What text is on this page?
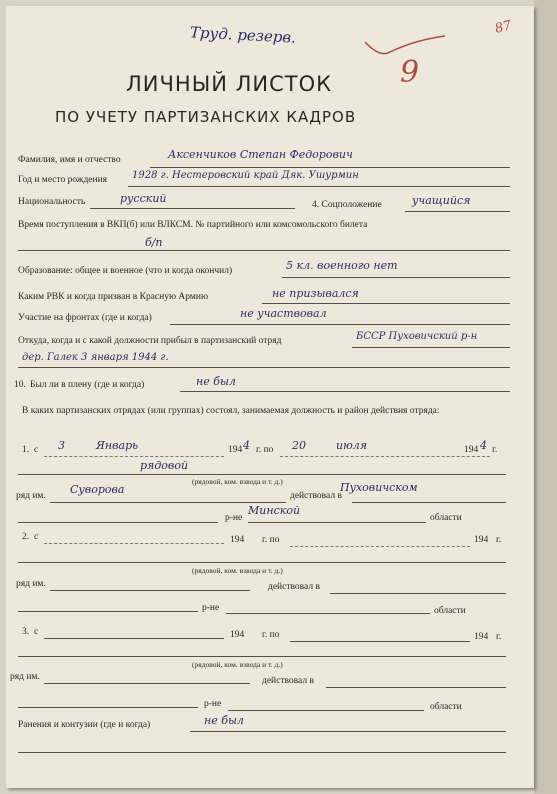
Труд. резерв.	87
ЛИЧНЫЙ ЛИСТОК 9
ПО УЧЕТУ ПАРТИЗАНСКИХ КАДРОВ
Фамилия, имя и отчество	Аксенчиков Степан Федорович
Год и место рождения 1928 г. Нестеровский край Дяк. Ушурмин
Национальность	русский	4. Соцположение	учащийся
Время поступления в ВКП(б) или ВЛКСМ. № партийного или комсомольского билета
б/п
Образование: общее и военное (что и когда окончил)	5 кл. военного нет
Каким РВК и когда призван в Красную Армию	не призывался
Участие на фронтах (где и когда)	не участвовал
Откуда, когда и с какой должности прибыл в партизанский отряд	БССР Пуховичский р-н
дер. Галек 3 января 1944 г.
10. Был ли в плену (где и когда)	не был
В каких партизанских отрядах (или группах) состоял, занимаемая должность и район действия отряда:
1. с 3	Январь	194 4 г. по 20	июля	194 4 г.
рядовой
(рядовой, ком. взвода и т. д.)
ряд им. Суворова	действовал в
Пуховичском
р-не
Минской
области
2. с	194 г. по	194 г.
(рядовой, ком. взвода и т. д.)
ряд им.	действовал в
р-не	области
3. с	194 г. по	194 г.
(рядовой, ком. взвода и т. д.)
ряд им.	действовал в
р-не	области
Ранения и контузии (где и когда)	не был
